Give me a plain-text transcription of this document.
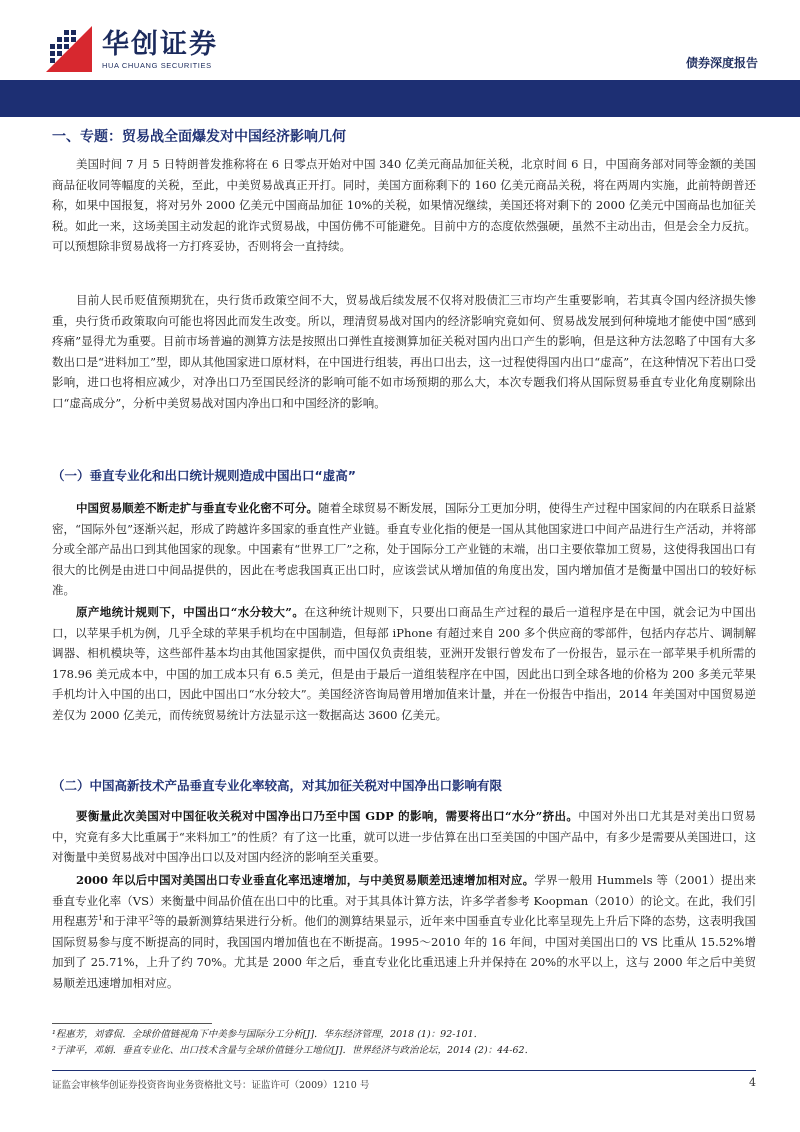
华创证券
HUA CHUANG SECURITIES	债券深度报告
一、专题：贸易战全面爆发对中国经济影响几何

美国时间 7 月 5 日特朗普发推称将在 6 日零点开始对中国 340 亿美元商品加征关税，北京时间 6 日，中国商务部对同等金额的美国商品征收同等幅度的关税，至此，中美贸易战真正开打。同时，美国方面称剩下的 160 亿美元商品关税，将在两周内实施，此前特朗普还称，如果中国报复，将对另外 2000 亿美元中国商品加征 10%的关税，如果情况继续，美国还将对剩下的 2000 亿美元中国商品也加征关税。如此一来，这场美国主动发起的讹诈式贸易战，中国仿佛不可能避免。目前中方的态度依然强硬，虽然不主动出击，但是会全力反抗。可以预想除非贸易战将一方打疼妥协，否则将会一直持续。

目前人民币贬值预期犹在，央行货币政策空间不大，贸易战后续发展不仅将对股债汇三市均产生重要影响，若其真令国内经济损失惨重，央行货币政策取向可能也将因此而发生改变。所以，理清贸易战对国内的经济影响究竟如何、贸易战发展到何种境地才能使中国“感到疼痛”显得尤为重要。目前市场普遍的测算方法是按照出口弹性直接测算加征关税对国内出口产生的影响，但是这种方法忽略了中国有大多数出口是“进料加工”型，即从其他国家进口原材料，在中国进行组装，再出口出去，这一过程使得国内出口“虚高”，在这种情况下若出口受影响，进口也将相应减少，对净出口乃至国民经济的影响可能不如市场预期的那么大，本次专题我们将从国际贸易垂直专业化角度剔除出口“虚高成分”，分析中美贸易战对国内净出口和中国经济的影响。

（一）垂直专业化和出口统计规则造成中国出口“虚高”

中国贸易顺差不断走扩与垂直专业化密不可分。随着全球贸易不断发展，国际分工更加分明，使得生产过程中国家间的内在联系日益紧密，“国际外包”逐渐兴起，形成了跨越许多国家的垂直性产业链。垂直专业化指的便是一国从其他国家进口中间产品进行生产活动，并将部分或全部产品出口到其他国家的现象。中国素有“世界工厂”之称，处于国际分工产业链的末端，出口主要依靠加工贸易，这使得我国出口有很大的比例是由进口中间品提供的，因此在考虑我国真正出口时，应该尝试从增加值的角度出发，国内增加值才是衡量中国出口的较好标准。

原产地统计规则下，中国出口“水分较大”。在这种统计规则下，只要出口商品生产过程的最后一道程序是在中国，就会记为中国出口，以苹果手机为例，几乎全球的苹果手机均在中国制造，但每部 iPhone 有超过来自 200 多个供应商的零部件，包括内存芯片、调制解调器、相机模块等，这些部件基本均由其他国家提供，而中国仅负责组装，亚洲开发银行曾发布了一份报告，显示在一部苹果手机所需的 178.96 美元成本中，中国的加工成本只有 6.5 美元，但是由于最后一道组装程序在中国，因此出口到全球各地的价格为 200 多美元苹果手机均计入中国的出口，因此中国出口“水分较大”。美国经济咨询局曾用增加值来计量，并在一份报告中指出，2014 年美国对中国贸易逆差仅为 2000 亿美元，而传统贸易统计方法显示这一数据高达 3600 亿美元。

（二）中国高新技术产品垂直专业化率较高，对其加征关税对中国净出口影响有限

要衡量此次美国对中国征收关税对中国净出口乃至中国 GDP 的影响，需要将出口“水分”挤出。中国对外出口尤其是对美出口贸易中，究竟有多大比重属于“来料加工”的性质？有了这一比重，就可以进一步估算在出口至美国的中国产品中，有多少是需要从美国进口，这对衡量中美贸易战对中国净出口以及对国内经济的影响至关重要。

2000 年以后中国对美国出口专业垂直化率迅速增加，与中美贸易顺差迅速增加相对应。学界一般用 Hummels 等（2001）提出来垂直专业化率（VS）来衡量中间品价值在出口中的比重。对于其具体计算方法，许多学者参考 Koopman（2010）的论文。在此，我们引用程惠芳$^1$和于津平$^2$等的最新测算结果进行分析。他们的测算结果显示，近年来中国垂直专业化比率呈现先上升后下降的态势，这表明我国国际贸易参与度不断提高的同时，我国国内增加值也在不断提高。1995～2010 年的 16 年间，中国对美国出口的 VS 比重从 15.52%增加到了 25.71%，上升了约 70%。尤其是 2000 年之后，垂直专业化比重迅速上升并保持在 20%的水平以上，这与 2000 年之后中美贸易顺差迅速增加相对应。

¹程惠芳，刘睿侃．全球价值链视角下中美参与国际分工分析[J]．华东经济管理，2018 (1)：92-101．
²于津平，邓娟．垂直专业化、出口技术含量与全球价值链分工地位[J]．世界经济与政治论坛，2014 (2)：44-62．
证监会审核华创证券投资咨询业务资格批文号：证监许可（2009）1210 号	4
